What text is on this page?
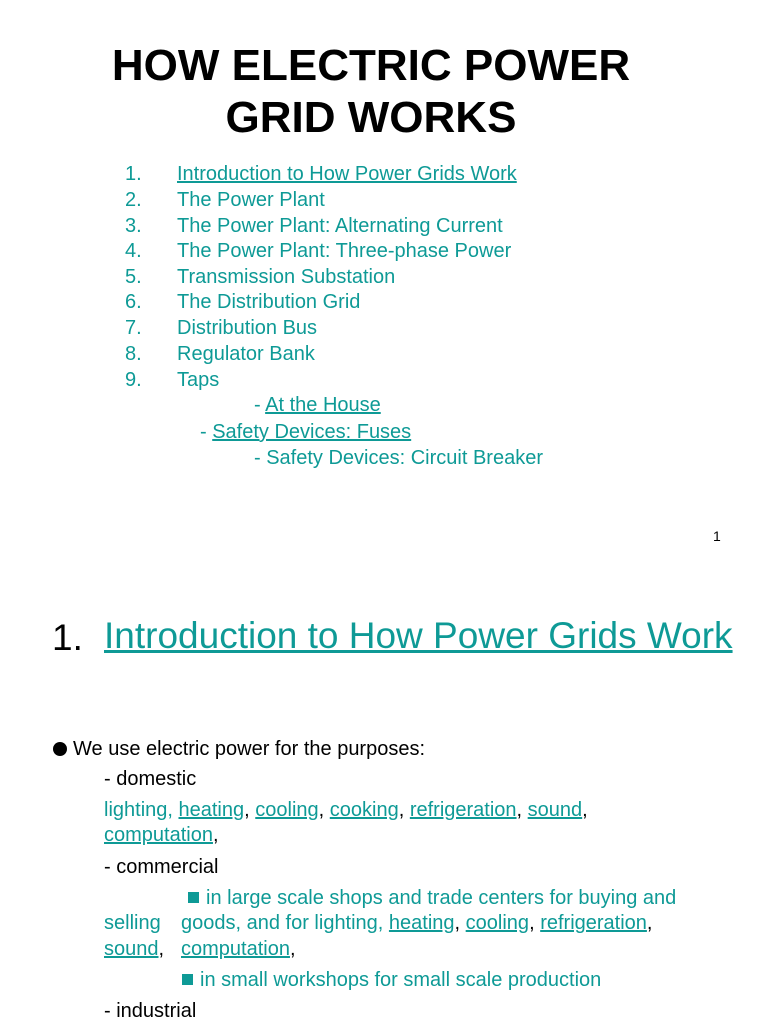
HOW ELECTRIC POWER
GRID WORKS
1.	Introduction to How Power Grids Work
2.	The Power Plant
3.	The Power Plant: Alternating Current
4.	The Power Plant: Three-phase Power
5.	Transmission Substation
6.	The Distribution Grid
7.	Distribution Bus
8.	Regulator Bank
9.	Taps
- At the House
- Safety Devices: Fuses
- Safety Devices: Circuit Breaker
1
1. Introduction to How Power Grids Work
We use electric power for the purposes:
- domestic
lighting, heating, cooling, cooking, refrigeration, sound,
computation,
- commercial
in large scale shops and trade centers for buying and
selling goods, and for lighting, heating, cooling, refrigeration,
sound, computation,
in small workshops for small scale production
- industrial
